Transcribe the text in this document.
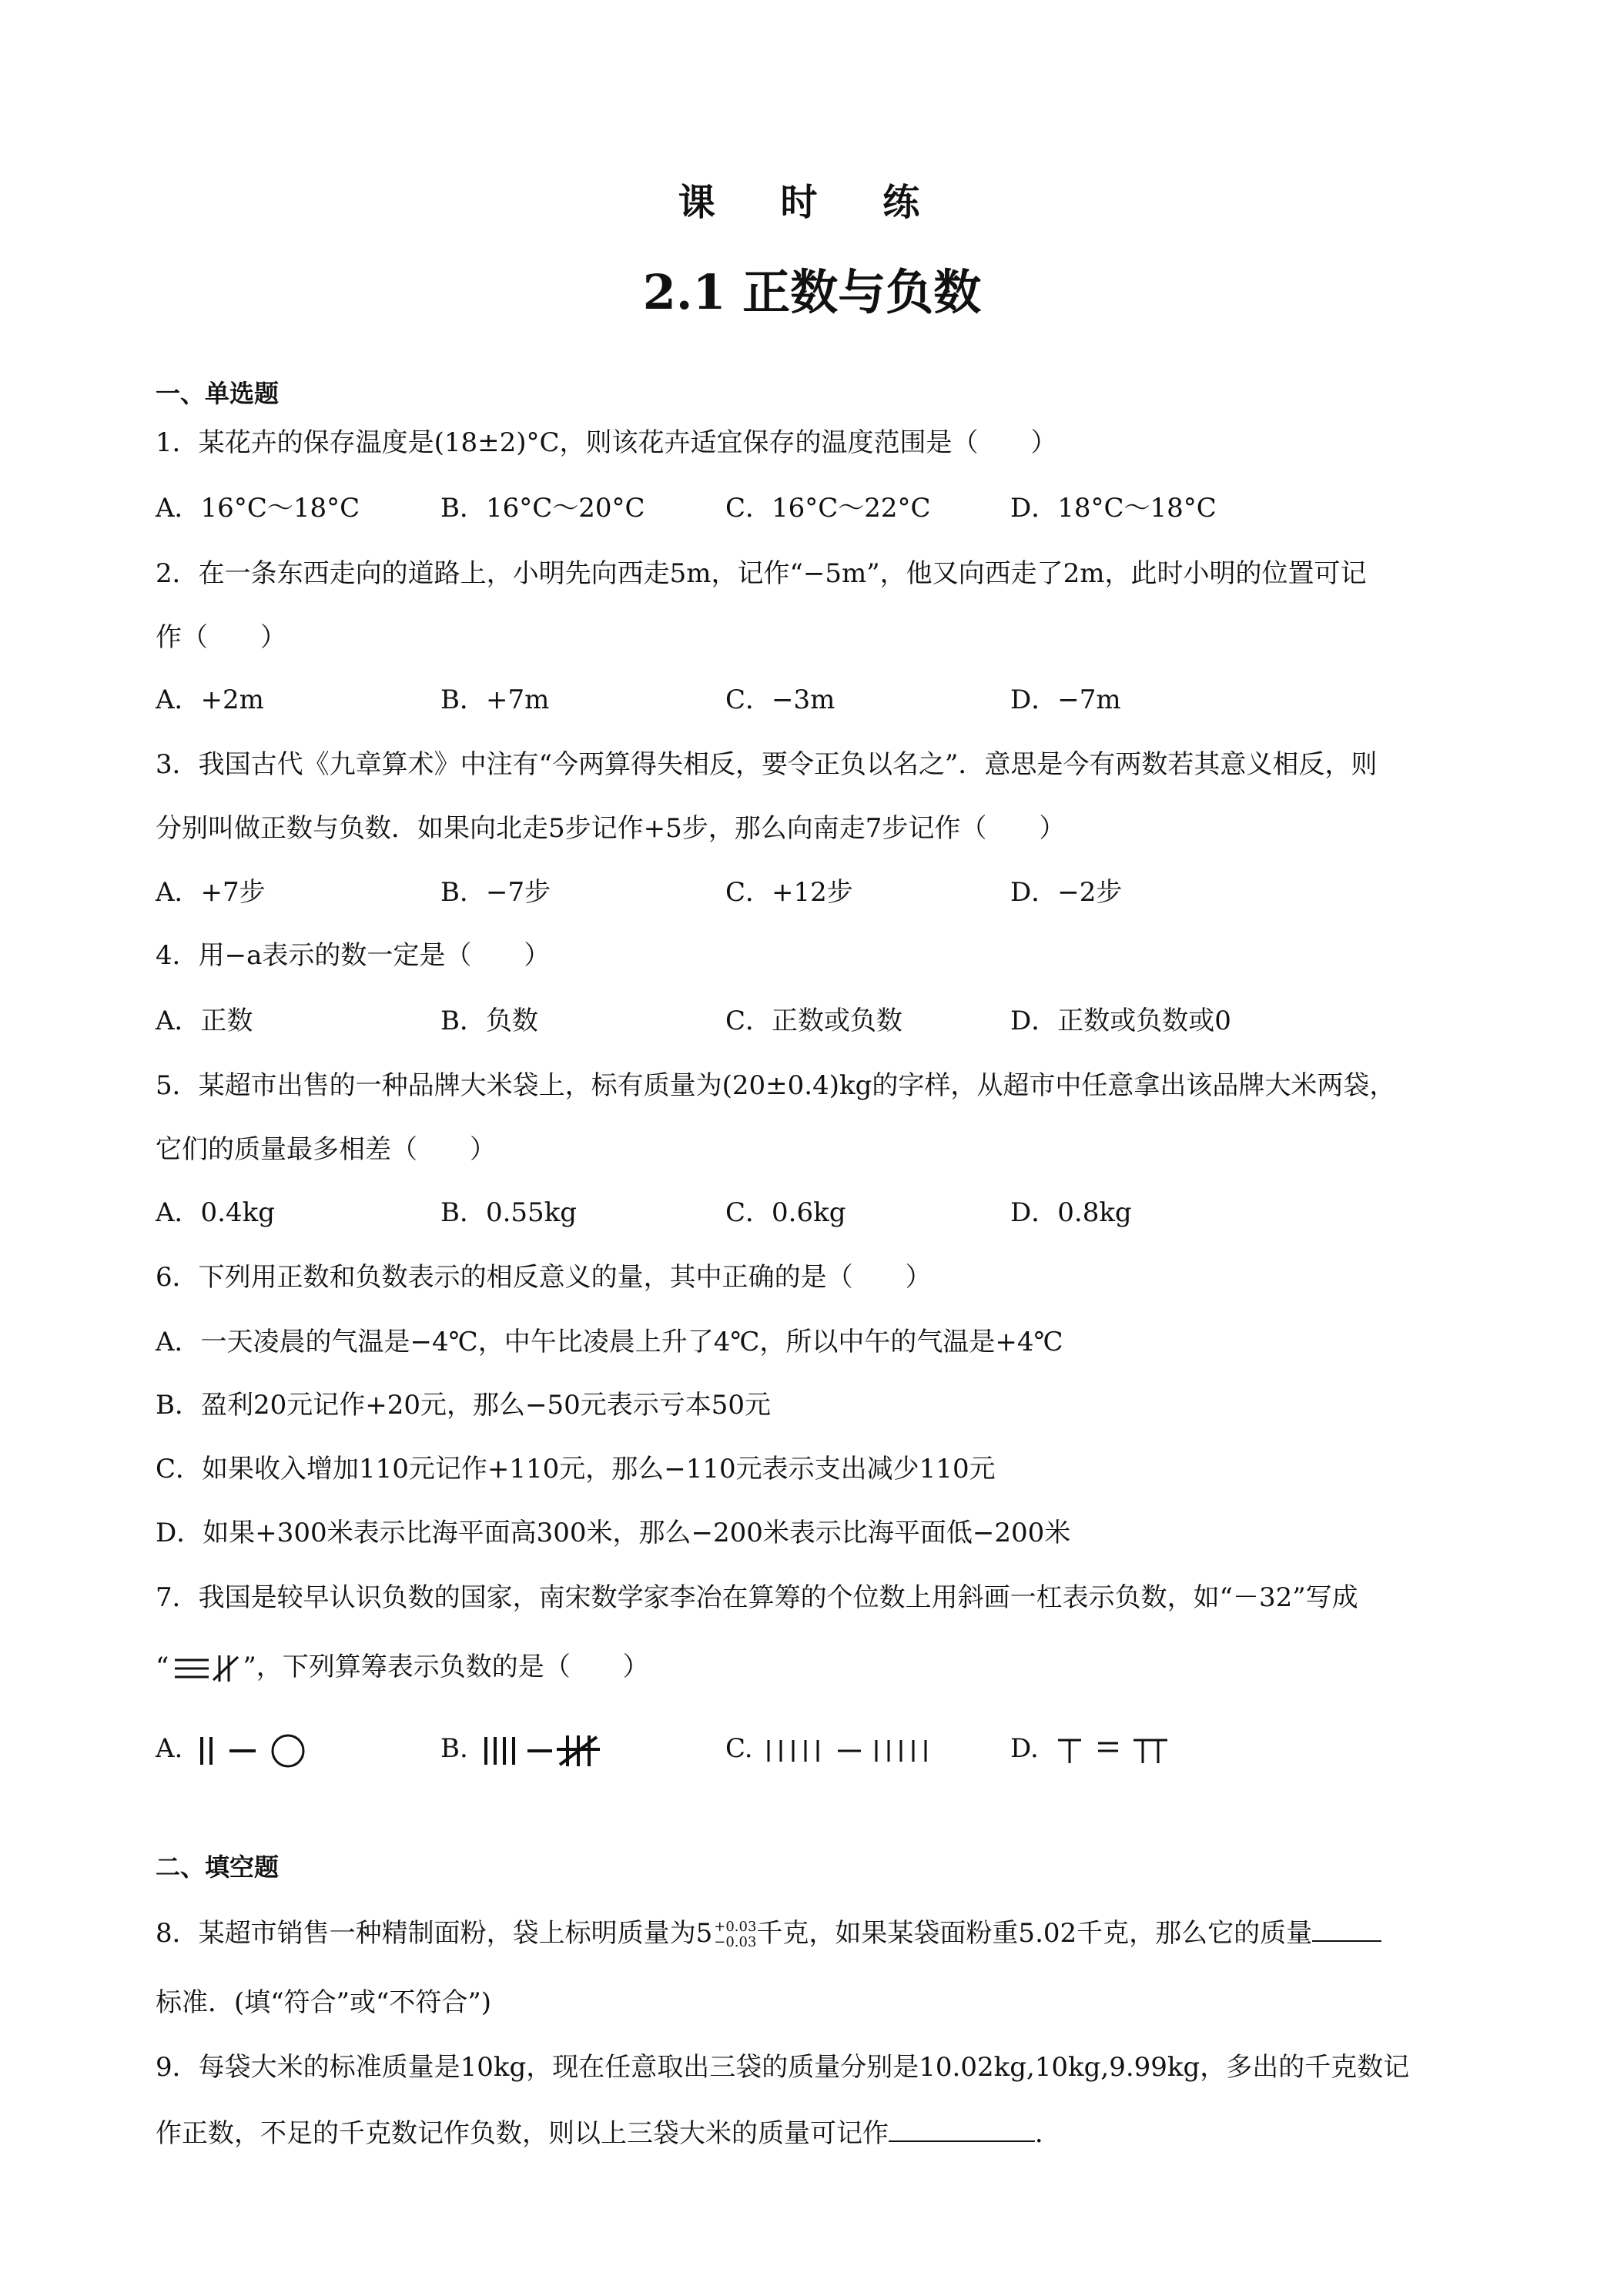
课 时 练
2.1 正数与负数
一、单选题
1．某花卉的保存温度是(18±2)°C，则该花卉适宜保存的温度范围是（　　）
A．16°C～18°C	B．16°C～20°C	C．16°C～22°C	D．18°C～18°C
2．在一条东西走向的道路上，小明先向西走5m，记作“−5m”，他又向西走了2m，此时小明的位置可记
作（　　）
A．+2m	B．+7m	C．−3m	D．−7m
3．我国古代《九章算术》中注有“今两算得失相反，要令正负以名之”．意思是今有两数若其意义相反，则
分别叫做正数与负数．如果向北走5步记作+5步，那么向南走7步记作（　　）
A．+7步	B．−7步	C．+12步	D．−2步
4．用−a表示的数一定是（　　）
A．正数	B．负数	C．正数或负数	D．正数或负数或0
5．某超市出售的一种品牌大米袋上，标有质量为(20±0.4)kg的字样，从超市中任意拿出该品牌大米两袋，
它们的质量最多相差（　　）
A．0.4kg	B．0.55kg	C．0.6kg	D．0.8kg
6．下列用正数和负数表示的相反意义的量，其中正确的是（　　）
A．一天凌晨的气温是−4℃，中午比凌晨上升了4℃，所以中午的气温是+4℃
B．盈利20元记作+20元，那么−50元表示亏本50元
C．如果收入增加110元记作+110元，那么−110元表示支出减少110元
D．如果+300米表示比海平面高300米，那么−200米表示比海平面低−200米
7．我国是较早认识负数的国家，南宋数学家李冶在算筹的个位数上用斜画一杠表示负数，如“－32”写成
“	”，下列算筹表示负数的是（　　）
A.	B.	C.	D.
二、填空题
8．某超市销售一种精制面粉，袋上标明质量为5 +0.03
−0.03 千克，如果某袋面粉重5.02千克，那么它的质量
标准．(填“符合”或“不符合”)
9．每袋大米的标准质量是10kg，现在任意取出三袋的质量分别是10.02kg,10kg,9.99kg，多出的千克数记
作正数，不足的千克数记作负数，则以上三袋大米的质量可记作	．
